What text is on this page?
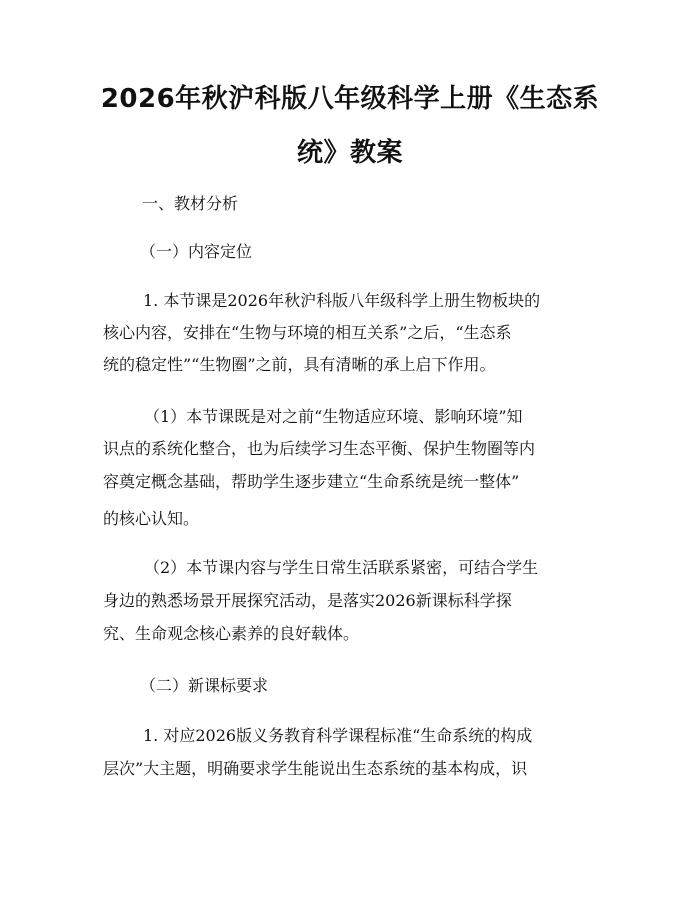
2026年秋沪科版八年级科学上册《生态系统》教案

一、教材分析

（一）内容定位

1. 本节课是2026年秋沪科版八年级科学上册生物板块的

核心内容，安排在“生物与环境的相互关系”之后，“生态系

统的稳定性”“生物圈”之前，具有清晰的承上启下作用。

（1）本节课既是对之前“生物适应环境、影响环境”知

识点的系统化整合，也为后续学习生态平衡、保护生物圈等内

容奠定概念基础，帮助学生逐步建立“生命系统是统一整体”

的核心认知。

（2）本节课内容与学生日常生活联系紧密，可结合学生

身边的熟悉场景开展探究活动，是落实2026新课标科学探

究、生命观念核心素养的良好载体。

（二）新课标要求

1. 对应2026版义务教育科学课程标准“生命系统的构成

层次”大主题，明确要求学生能说出生态系统的基本构成，识
